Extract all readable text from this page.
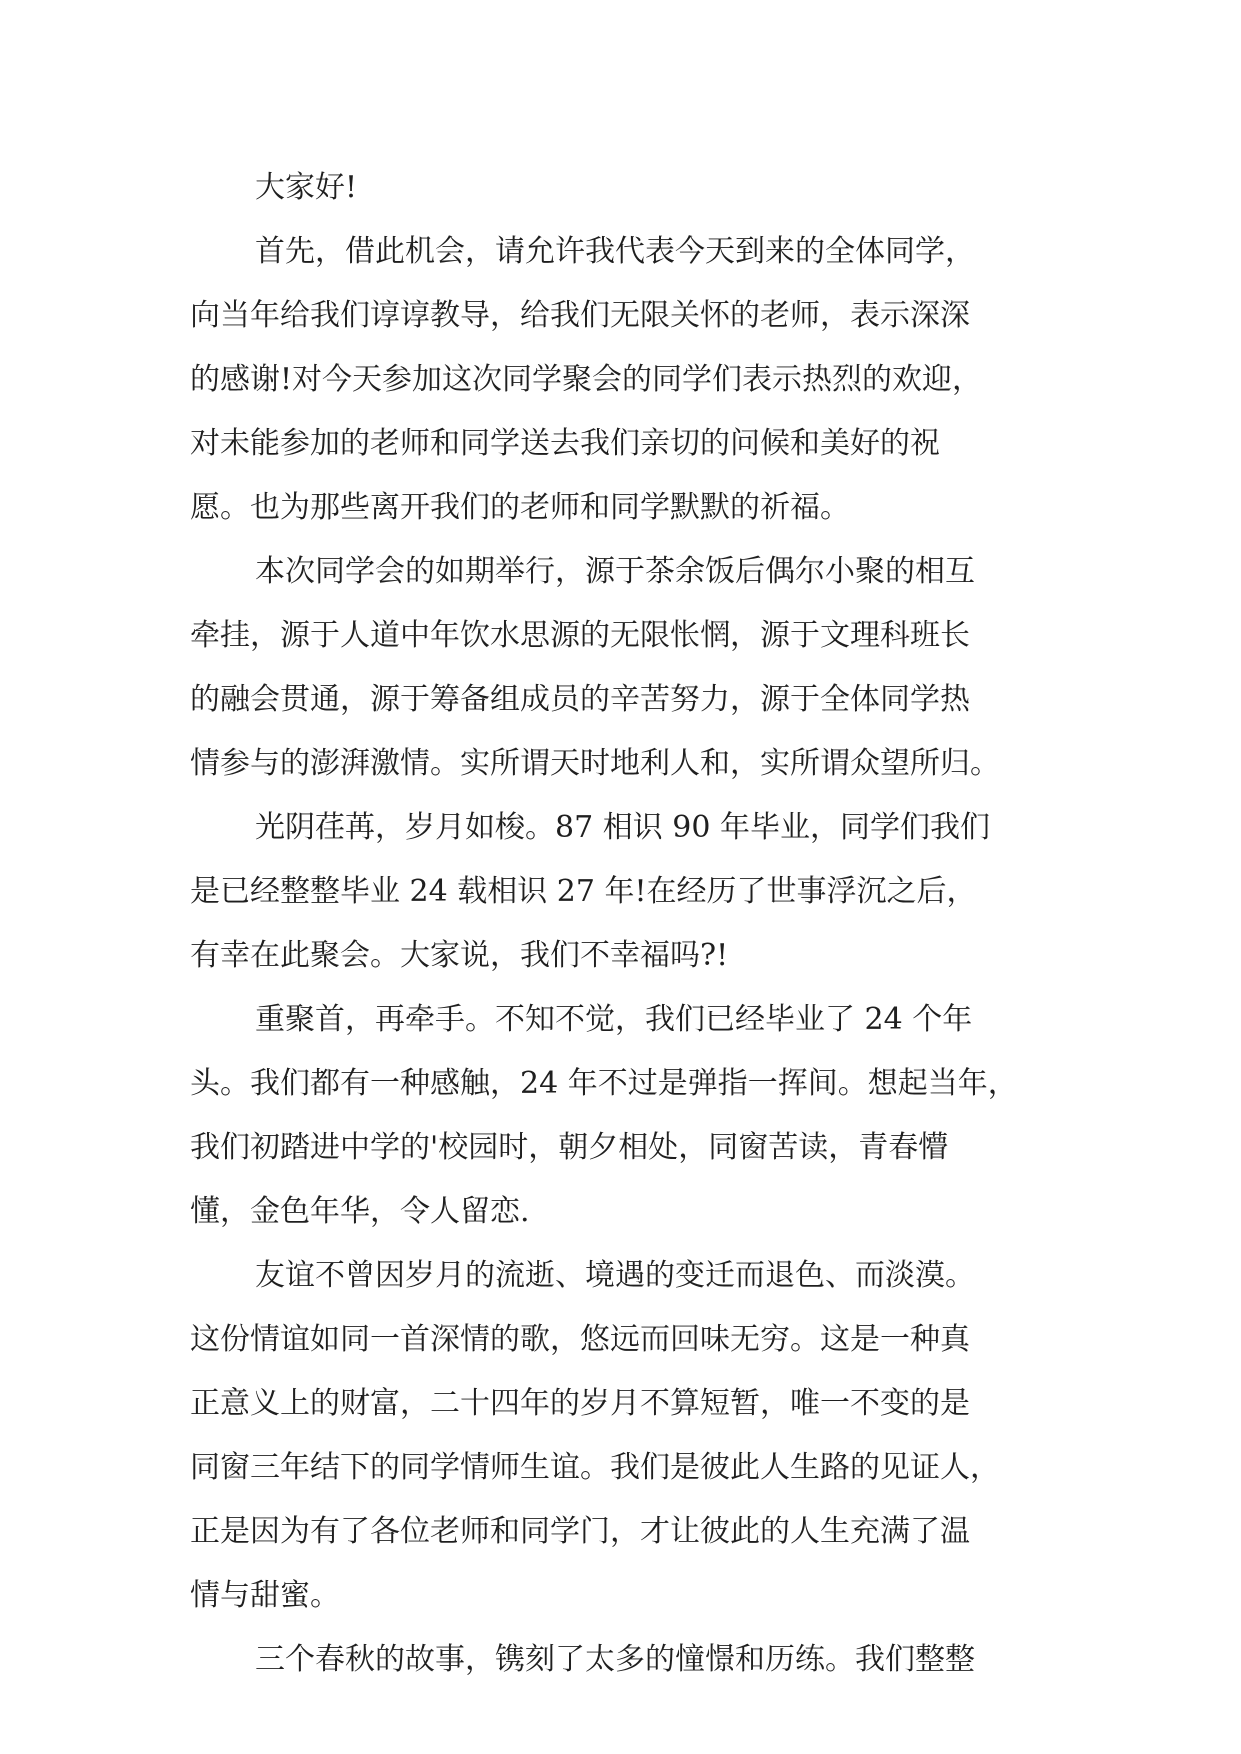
大家好!

首先，借此机会，请允许我代表今天到来的全体同学，

向当年给我们谆谆教导，给我们无限关怀的老师，表示深深

的感谢!对今天参加这次同学聚会的同学们表示热烈的欢迎，

对未能参加的老师和同学送去我们亲切的问候和美好的祝

愿。也为那些离开我们的老师和同学默默的祈福。

本次同学会的如期举行，源于茶余饭后偶尔小聚的相互

牵挂，源于人道中年饮水思源的无限怅惘，源于文理科班长

的融会贯通，源于筹备组成员的辛苦努力，源于全体同学热

情参与的澎湃激情。实所谓天时地利人和，实所谓众望所归。

光阴荏苒，岁月如梭。87 相识 90 年毕业，同学们我们

是已经整整毕业 24 载相识 27 年!在经历了世事浮沉之后，

有幸在此聚会。大家说，我们不幸福吗?!

重聚首，再牵手。不知不觉，我们已经毕业了 24 个年

头。我们都有一种感触，24 年不过是弹指一挥间。想起当年，

我们初踏进中学的'校园时，朝夕相处，同窗苦读，青春懵

懂，金色年华，令人留恋.

友谊不曾因岁月的流逝、境遇的变迁而退色、而淡漠。

这份情谊如同一首深情的歌，悠远而回味无穷。这是一种真

正意义上的财富，二十四年的岁月不算短暂，唯一不变的是

同窗三年结下的同学情师生谊。我们是彼此人生路的见证人，

正是因为有了各位老师和同学门，才让彼此的人生充满了温

情与甜蜜。

三个春秋的故事，镌刻了太多的憧憬和历练。我们整整
